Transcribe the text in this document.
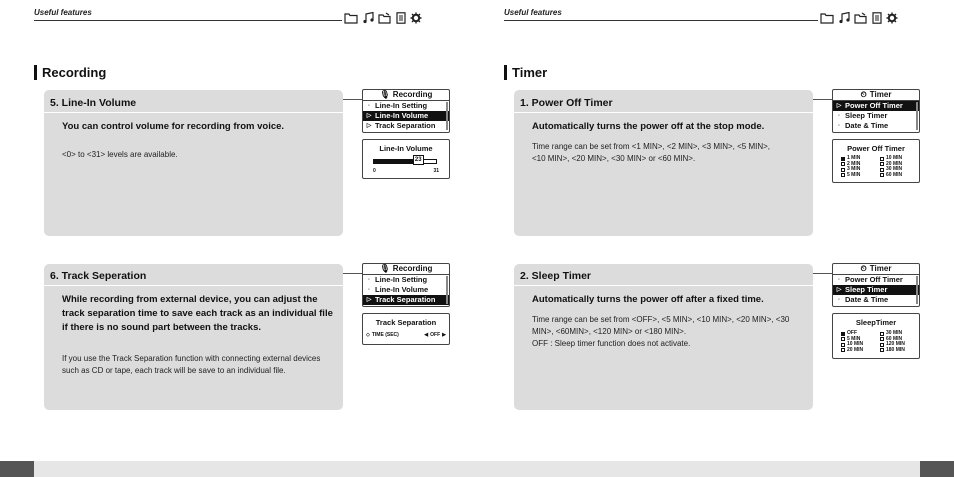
Useful features	Useful features
Recording
5. Line-In Volume
You can control volume for recording from voice.
<0> to <31> levels are available.
🎙 Recording
◦ Line-In Setting
▷ Line-In Volume
▷ Track Separation
Line-In Volume
23
0	31
6. Track Seperation
While recording from external device, you can adjust the track separation time to save each track as an individual file if there is no sound part between the tracks.
If you use the Track Separation function with connecting external devices such as CD or tape, each track will be save to an individual file.
🎙 Recording
◦ Line-In Setting
◦ Line-In Volume
▷ Track Separation
Track Separation
◇ TIME (SEC)	◀ OFF ▶
Timer
1. Power Off Timer
Automatically turns the power off at the stop mode.
Time range can be set from <1 MIN>, <2 MIN>, <3 MIN>, <5 MIN>, <10 MIN>, <20 MIN>, <30 MIN> or <60 MIN>.
⏲ Timer
▷ Power Off Timer
◦ Sleep Timer
◦ Date & Time
Power Off Timer
1 MIN	10 MIN
2 MIN	20 MIN
3 MIN	30 MIN
5 MIN	60 MIN
2. Sleep Timer
Automatically turns the power off after a fixed time.
Time range can be set from <OFF>, <5 MIN>, <10 MIN>, <20 MIN>, <30 MIN>, <60MIN>, <120 MIN> or <180 MIN>.
OFF : Sleep timer function does not activate.
⏲ Timer
◦ Power Off Timer
▷ Sleep Timer
◦ Date & Time
SleepTimer
OFF	30 MIN
5 MIN	60 MIN
10 MIN	120 MIN
20 MIN	180 MIN
